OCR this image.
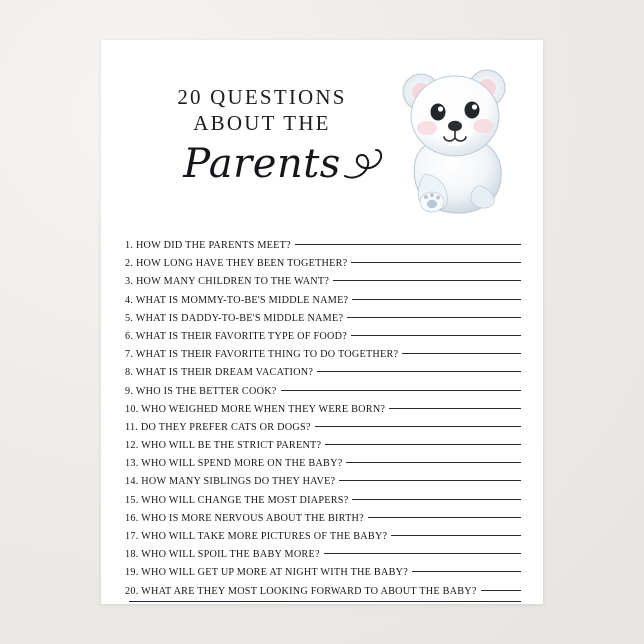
20 QUESTIONS
ABOUT THE
Parents
1. HOW DID THE PARENTS MEET?
2. HOW LONG HAVE THEY BEEN TOGETHER?
3. HOW MANY CHILDREN TO THE WANT?
4. WHAT IS MOMMY-TO-BE'S MIDDLE NAME?
5. WHAT IS DADDY-TO-BE'S MIDDLE NAME?
6. WHAT IS THEIR FAVORITE TYPE OF FOOD?
7. WHAT IS THEIR FAVORITE THING TO DO TOGETHER?
8. WHAT IS THEIR DREAM VACATION?
9. WHO IS THE BETTER COOK?
10. WHO WEIGHED MORE WHEN THEY WERE BORN?
11. DO THEY PREFER CATS OR DOGS?
12. WHO WILL BE THE STRICT PARENT?
13. WHO WILL SPEND MORE ON THE BABY?
14. HOW MANY SIBLINGS DO THEY HAVE?
15. WHO WILL CHANGE THE MOST DIAPERS?
16. WHO IS MORE NERVOUS ABOUT THE BIRTH?
17. WHO WILL TAKE MORE PICTURES OF THE BABY?
18. WHO WILL SPOIL THE BABY MORE?
19. WHO WILL GET UP MORE AT NIGHT WITH THE BABY?
20. WHAT ARE THEY MOST LOOKING FORWARD TO ABOUT THE BABY?
